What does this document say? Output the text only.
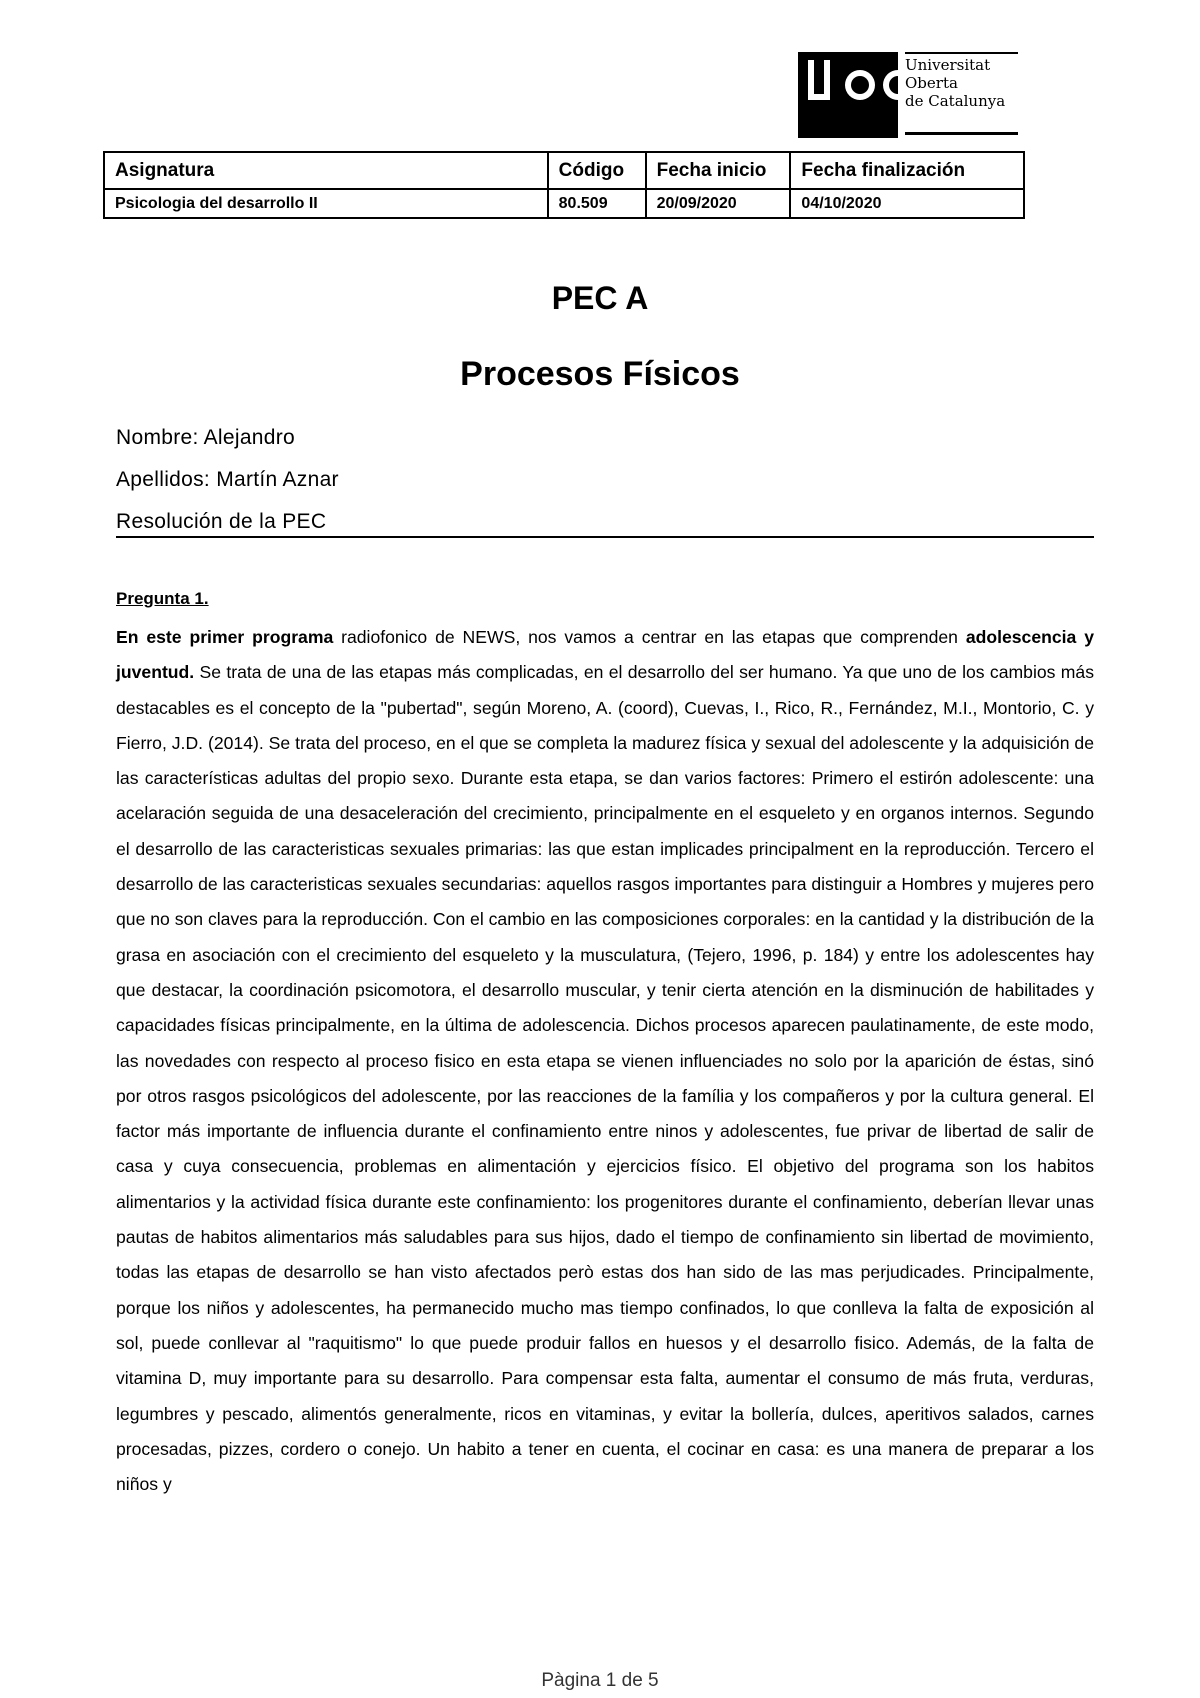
Universitat
Oberta
de Catalunya
Asignatura	Código	Fecha inicio	Fecha finalización
Psicologia del desarrollo II	80.509	20/09/2020	04/10/2020
PEC A
Procesos Físicos
Nombre: Alejandro
Apellidos: Martín Aznar
Resolución de la PEC
Pregunta 1.
En este primer programa radiofonico de NEWS, nos vamos a centrar en las etapas que comprenden adolescencia y juventud. Se trata de una de las etapas más complicadas, en el desarrollo del ser humano. Ya que uno de los cambios más destacables es el concepto de la "pubertad", según Moreno, A. (coord), Cuevas, I., Rico, R., Fernández, M.I., Montorio, C. y Fierro, J.D. (2014). Se trata del proceso, en el que se completa la madurez física y sexual del adolescente y la adquisición de las características adultas del propio sexo. Durante esta etapa, se dan varios factores: Primero el estirón adolescente: una acelaración seguida de una desaceleración del crecimiento, principalmente en el esqueleto y en organos internos. Segundo el desarrollo de las caracteristicas sexuales primarias: las que estan implicades principalment en la reproducción. Tercero el desarrollo de las caracteristicas sexuales secundarias: aquellos rasgos importantes para distinguir a Hombres y mujeres pero que no son claves para la reproducción. Con el cambio en las composiciones corporales: en la cantidad y la distribución de la grasa en asociación con el crecimiento del esqueleto y la musculatura, (Tejero, 1996, p. 184) y entre los adolescentes hay que destacar, la coordinación psicomotora, el desarrollo muscular, y tenir cierta atención en la disminución de habilitades y capacidades físicas principalmente, en la última de adolescencia. Dichos procesos aparecen paulatinamente, de este modo, las novedades con respecto al proceso fisico en esta etapa se vienen influenciades no solo por la aparición de éstas, sinó por otros rasgos psicológicos del adolescente, por las reacciones de la família y los compañeros y por la cultura general. El factor más importante de influencia durante el confinamiento entre ninos y adolescentes, fue privar de libertad de salir de casa y cuya consecuencia, problemas en alimentación y ejercicios físico. El objetivo del programa son los habitos alimentarios y la actividad física durante este confinamiento: los progenitores durante el confinamiento, deberían llevar unas pautas de habitos alimentarios más saludables para sus hijos, dado el tiempo de confinamiento sin libertad de movimiento, todas las etapas de desarrollo se han visto afectados però estas dos han sido de las mas perjudicades. Principalmente, porque los niños y adolescentes, ha permanecido mucho mas tiempo confinados, lo que conlleva la falta de exposición al sol, puede conllevar al "raquitismo" lo que puede produir fallos en huesos y el desarrollo fisico. Además, de la falta de vitamina D, muy importante para su desarrollo. Para compensar esta falta, aumentar el consumo de más fruta, verduras, legumbres y pescado, alimentós generalmente, ricos en vitaminas, y evitar la bollería, dulces, aperitivos salados, carnes procesadas, pizzes, cordero o conejo. Un habito a tener en cuenta, el cocinar en casa: es una manera de preparar a los niños y
Pàgina 1 de 5
